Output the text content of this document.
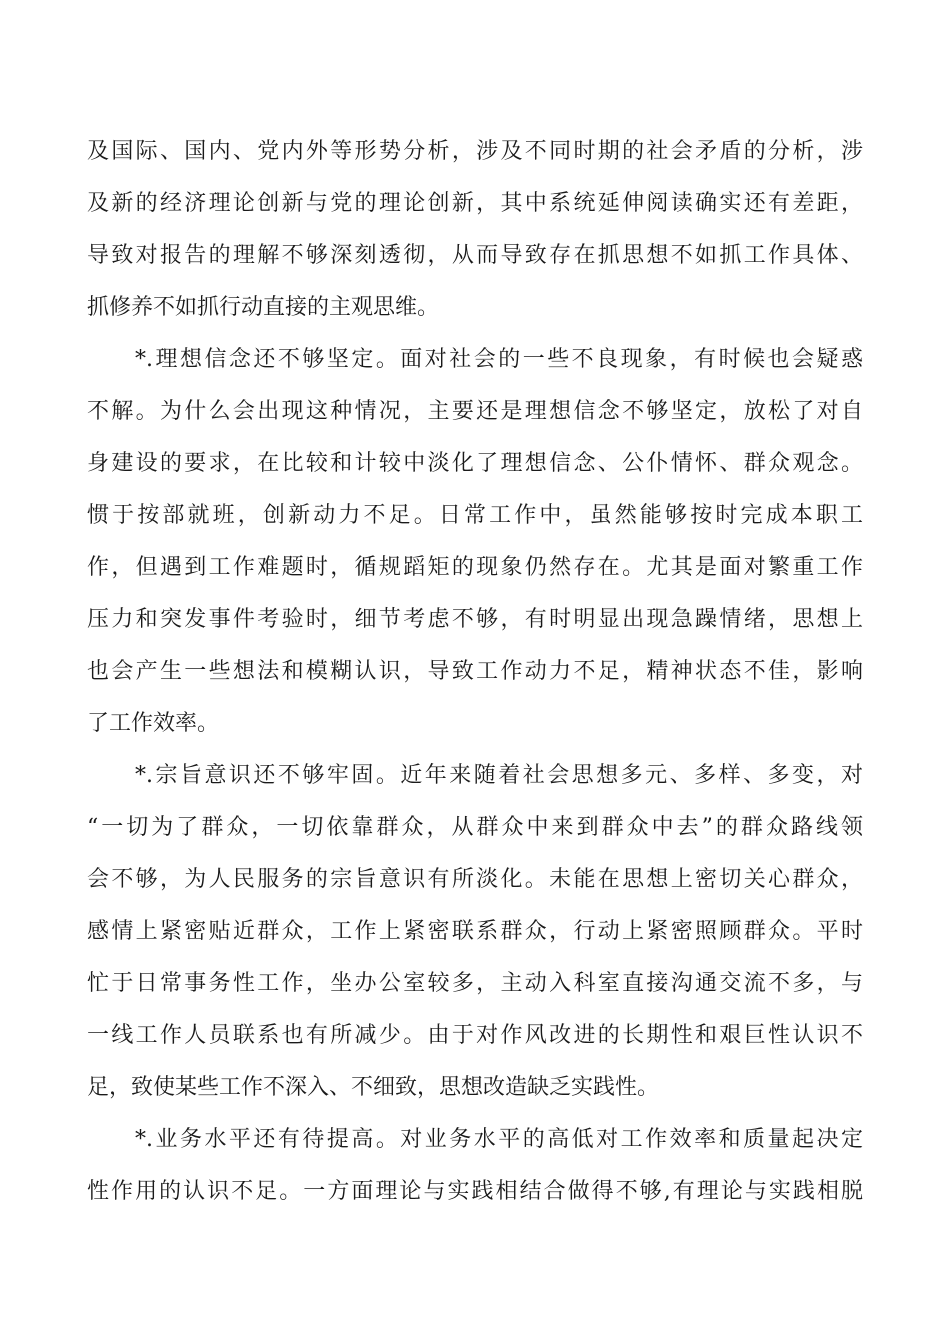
及国际、国内、党内外等形势分析，涉及不同时期的社会矛盾的分析，涉
及新的经济理论创新与党的理论创新，其中系统延伸阅读确实还有差距，
导致对报告的理解不够深刻透彻，从而导致存在抓思想不如抓工作具体、
抓修养不如抓行动直接的主观思维。
*.理想信念还不够坚定。面对社会的一些不良现象，有时候也会疑惑
不解。为什么会出现这种情况，主要还是理想信念不够坚定，放松了对自
身建设的要求，在比较和计较中淡化了理想信念、公仆情怀、群众观念。
惯于按部就班，创新动力不足。日常工作中，虽然能够按时完成本职工
作，但遇到工作难题时，循规蹈矩的现象仍然存在。尤其是面对繁重工作
压力和突发事件考验时，细节考虑不够，有时明显出现急躁情绪，思想上
也会产生一些想法和模糊认识，导致工作动力不足，精神状态不佳，影响
了工作效率。
*.宗旨意识还不够牢固。近年来随着社会思想多元、多样、多变，对
“一切为了群众，一切依靠群众，从群众中来到群众中去”的群众路线领
会不够，为人民服务的宗旨意识有所淡化。未能在思想上密切关心群众，
感情上紧密贴近群众，工作上紧密联系群众，行动上紧密照顾群众。平时
忙于日常事务性工作，坐办公室较多，主动入科室直接沟通交流不多，与
一线工作人员联系也有所减少。由于对作风改进的长期性和艰巨性认识不
足，致使某些工作不深入、不细致，思想改造缺乏实践性。
*.业务水平还有待提高。对业务水平的高低对工作效率和质量起决定
性作用的认识不足。一方面理论与实践相结合做得不够,有理论与实践相脱
